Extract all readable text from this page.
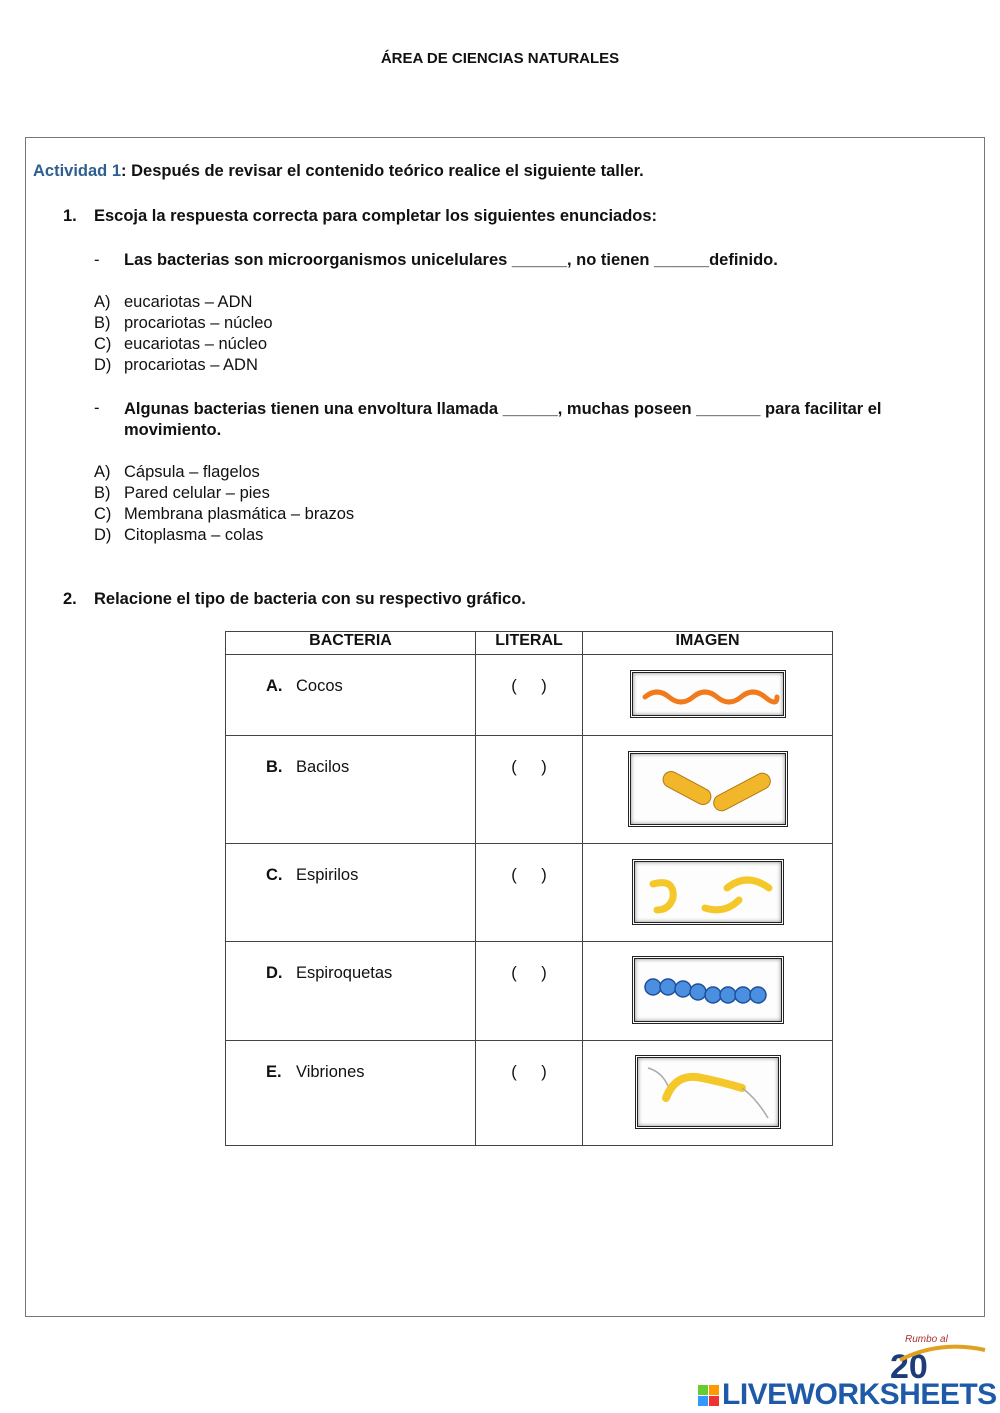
ÁREA DE CIENCIAS NATURALES
Actividad 1: Después de revisar el contenido teórico realice el siguiente taller.
1. Escoja la respuesta correcta para completar los siguientes enunciados:
- Las bacterias son microorganismos unicelulares ______, no tienen ______definido.
A) eucariotas – ADN
B) procariotas – núcleo
C) eucariotas – núcleo
D) procariotas – ADN
- Algunas bacterias tienen una envoltura llamada ______, muchas poseen _______ para facilitar el movimiento.
A) Cápsula – flagelos
B) Pared celular – pies
C) Membrana plasmática – brazos
D) Citoplasma – colas
2. Relacione el tipo de bacteria con su respectivo gráfico.
BACTERIA	LITERAL	IMAGEN
A. Cocos	( )	
B. Bacilos	( )	
C. Espirilos	( )	
D. Espiroquetas	( )	
E. Vibriones	( )	
Rumbo al
20
LIVEWORKSHEETS
